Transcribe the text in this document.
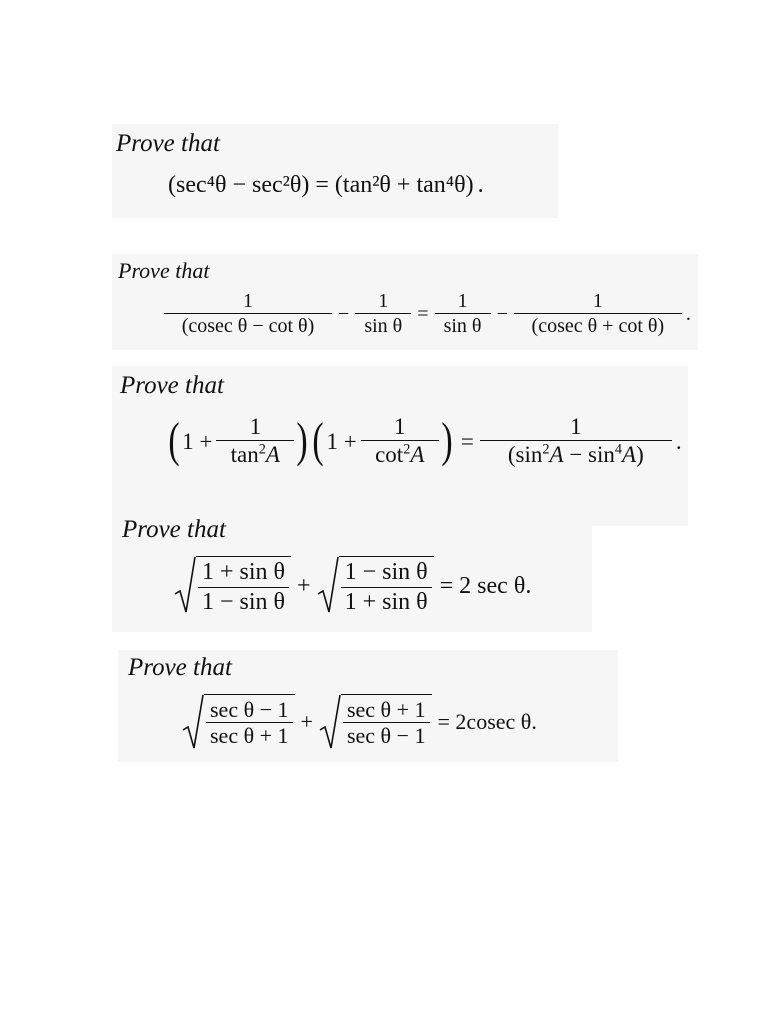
Prove that
(sec⁴θ − sec²θ) = (tan²θ + tan⁴θ) .
Prove that
$\frac{1}{\text{(cosec θ − cot θ)}} - \frac{1}{\text{sin θ}} = \frac{1}{\text{sin θ}} - \frac{1}{\text{(cosec θ + cot θ)}}$ .
Prove that
( $1 + \frac{1}{\tan^2A}$ ) ( $1 + \frac{1}{\cot^2A}$ ) = $\frac{1}{(\sin^2A - \sin^4A)}$ .
Prove that
$\frac{\text{1 + sin θ}}{\text{1 − sin θ}} + \frac{\text{1 − sin θ}}{\text{1 + sin θ}} = 2$ sec θ.
Prove that
$\frac{\text{sec θ − 1}}{\text{sec θ + 1}} + \frac{\text{sec θ + 1}}{\text{sec θ − 1}} = 2cosec$ θ.
